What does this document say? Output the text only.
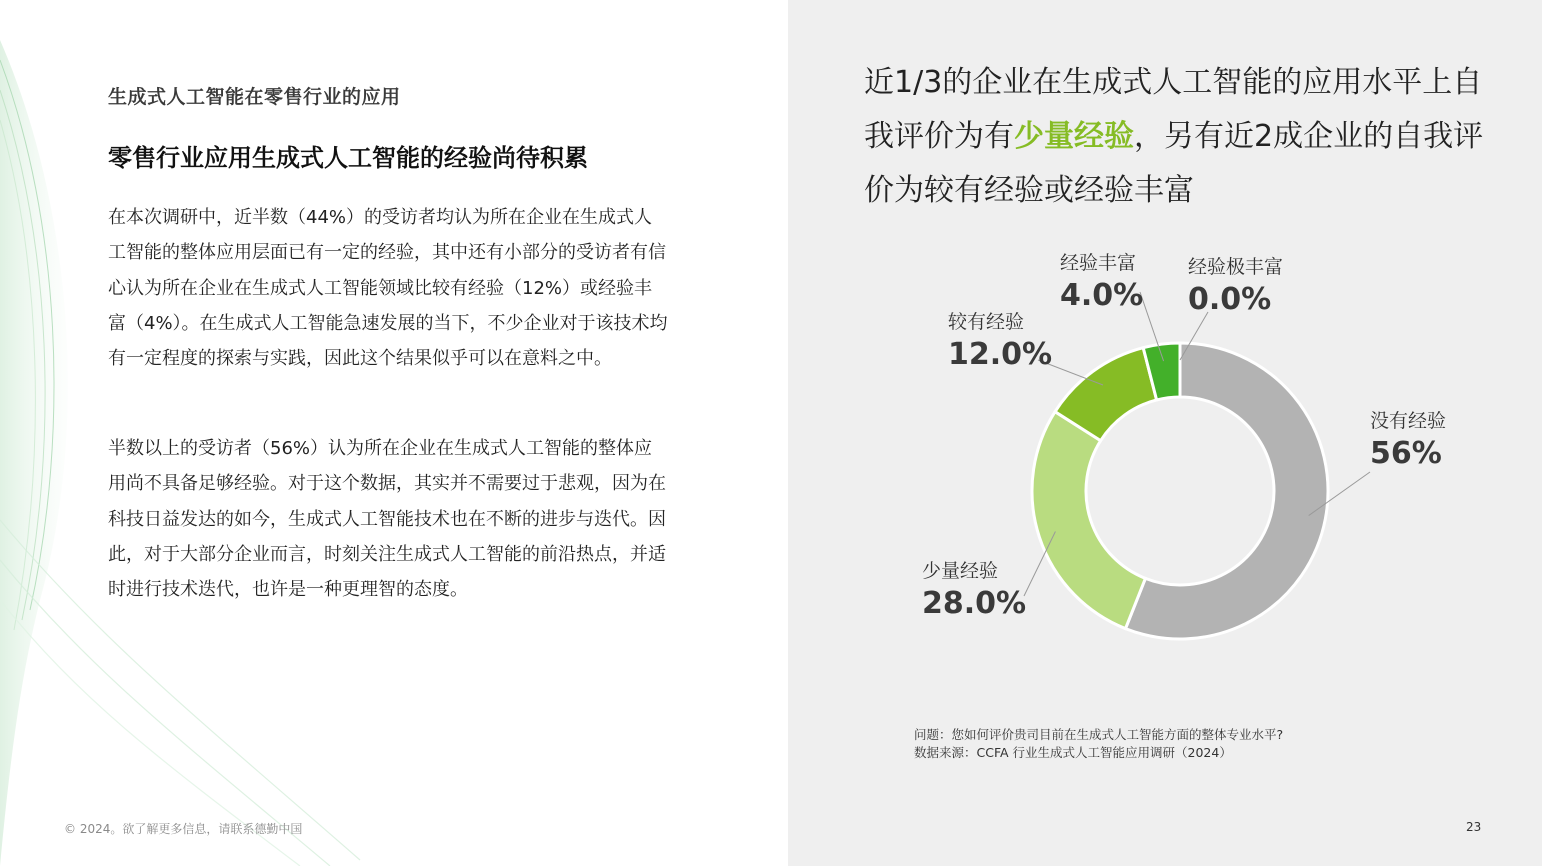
生成式人工智能在零售行业的应用
零售行业应用生成式人工智能的经验尚待积累
在本次调研中，近半数（44%）的受访者均认为所在企业在生成式人工智能的整体应用层面已有一定的经验，其中还有小部分的受访者有信心认为所在企业在生成式人工智能领域比较有经验（12%）或经验丰富（4%）。在生成式人工智能急速发展的当下，不少企业对于该技术均有一定程度的探索与实践，因此这个结果似乎可以在意料之中。
半数以上的受访者（56%）认为所在企业在生成式人工智能的整体应用尚不具备足够经验。对于这个数据，其实并不需要过于悲观，因为在科技日益发达的如今，生成式人工智能技术也在不断的进步与迭代。因此，对于大部分企业而言，时刻关注生成式人工智能的前沿热点，并适时进行技术迭代，也许是一种更理智的态度。
© 2024。欲了解更多信息，请联系德勤中国
近1/3的企业在生成式人工智能的应用水平上自我评价为有少量经验，另有近2成企业的自我评价为较有经验或经验丰富
没有经验
56%
少量经验
28.0%
较有经验
12.0%
经验丰富
4.0%
经验极丰富
0.0%
问题：您如何评价贵司目前在生成式人工智能方面的整体专业水平?
数据来源：CCFA 行业生成式人工智能应用调研（2024）
23
